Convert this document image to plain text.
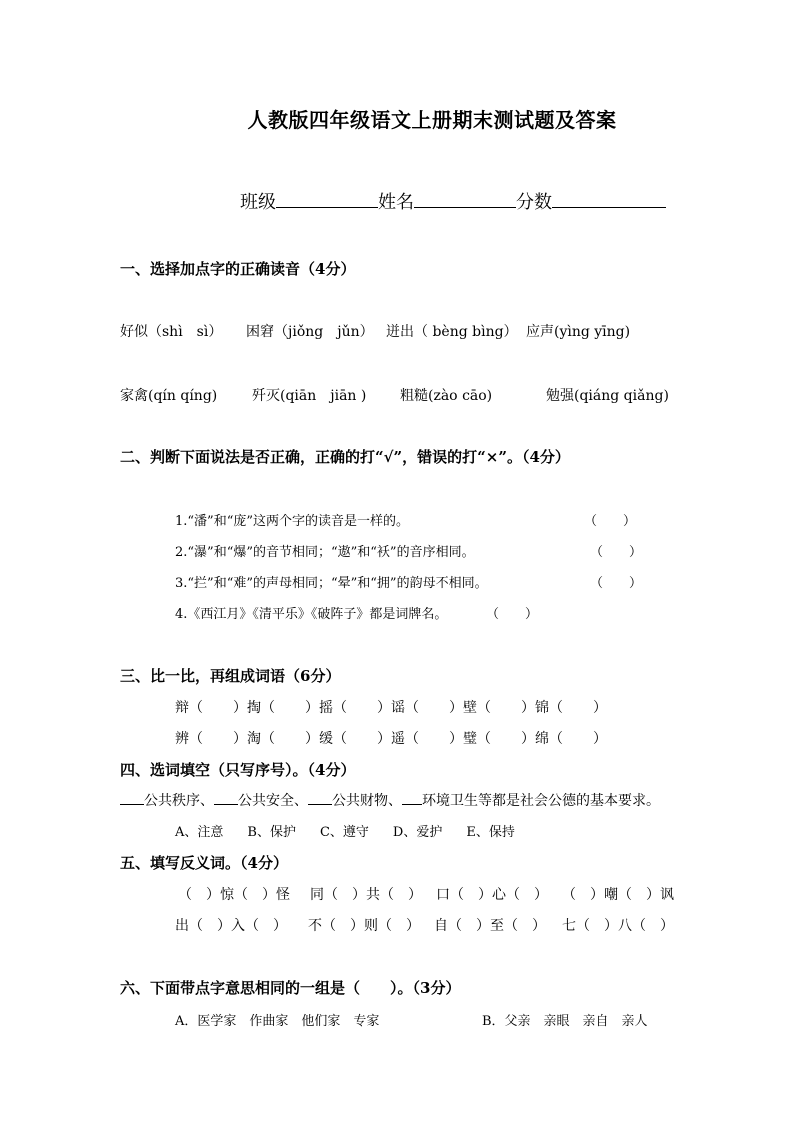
人教版四年级语文上册期末测试题及答案
班级	姓名	分数
一、选择加点字的正确读音（4分）
好似（shì　sì） 困窘（jiǒng　jǔn） 迸出（ bèng bìng） 应声(yìng yīng)
家禽(qín qíng) 歼灭(qiān　jiān ) 粗糙(zào cāo)	勉强(qiáng qiǎng)
二、判断下面说法是否正确，正确的打“√”，错误的打“×”。（4分）
1.“潘”和“庞”这两个字的读音是一样的。	（　　）
2.“瀑”和“爆”的音节相同；“遨”和“袄”的音序相同。	（　　）
3.“拦”和“难”的声母相同；“晕”和“拥”的韵母不相同。	（　　）
4.《西江月》《清平乐》《破阵子》都是词牌名。	（　　）
三、比一比，再组成词语（6分）
辩（ ）掏（ ）摇（ ）谣（ ）壁（ ）锦（ ）
辨（ ）淘（ ）缓（ ）遥（ ）璧（ ）绵（ ）
四、选词填空（只写序号）。（4分）
公共秩序、 公共安全、 公共财物、 环境卫生等都是社会公德的基本要求。
A、注意 B、保护 C、遵守 D、爱护 E、保持
五、填写反义词。（4分）
（　）惊（　）怪 同（　）共（　） 口（　）心（　） （　）嘲（　）讽
出（　）入（　） 不（　）则（　） 自（　）至（　） 七（　）八（　）
六、下面带点字意思相同的一组是（　　）。（3分）
A．医学家　作曲家　他们家　专家	B．父亲　亲眼　亲自　亲人
